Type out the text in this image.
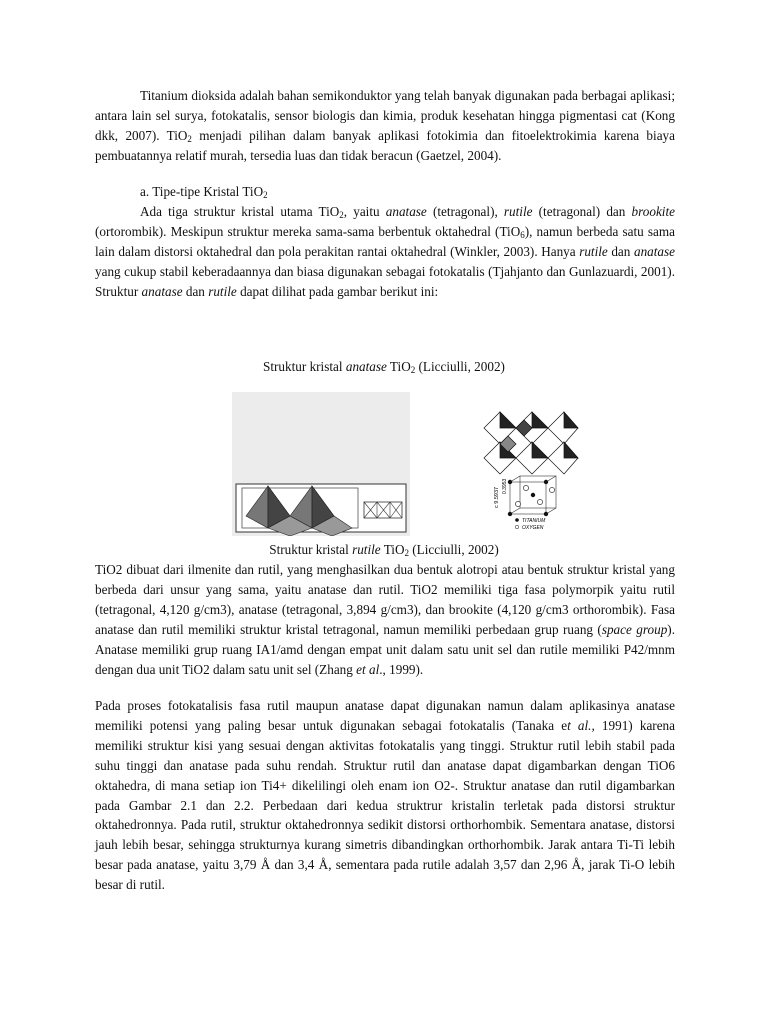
Titanium dioksida adalah bahan semikonduktor yang telah banyak digunakan pada berbagai aplikasi; antara lain sel surya, fotokatalis, sensor biologis dan kimia, produk kesehatan hingga pigmentasi cat (Kong dkk, 2007). TiO$_2$ menjadi pilihan dalam banyak aplikasi fotokimia dan fitoelektrokimia karena biaya pembuatannya relatif murah, tersedia luas dan tidak beracun (Gaetzel, 2004).

a. Tipe-tipe Kristal TiO$_2$

Ada tiga struktur kristal utama TiO$_2$, yaitu anatase (tetragonal), rutile (tetragonal) dan brookite (ortorombik). Meskipun struktur mereka sama-sama berbentuk oktahedral (TiO$_6$), namun berbeda satu sama lain dalam distorsi oktahedral dan pola perakitan rantai oktahedral (Winkler, 2003). Hanya rutile dan anatase yang cukup stabil keberadaannya dan biasa digunakan sebagai fotokatalis (Tjahjanto dan Gunlazuardi, 2001). Struktur anatase dan rutile dapat dilihat pada gambar berikut ini:

Struktur kristal anatase TiO$_2$ (Licciulli, 2002)

c 9.5937
0.3953
TITANIUM
OXYGEN

Struktur kristal rutile TiO$_2$ (Licciulli, 2002)

TiO2 dibuat dari ilmenite dan rutil, yang menghasilkan dua bentuk alotropi atau bentuk struktur kristal yang berbeda dari unsur yang sama, yaitu anatase dan rutil. TiO2 memiliki tiga fasa polymorpik yaitu rutil (tetragonal, 4,120 g/cm3), anatase (tetragonal, 3,894 g/cm3), dan brookite (4,120 g/cm3 orthorombik). Fasa anatase dan rutil memiliki struktur kristal tetragonal, namun memiliki perbedaan grup ruang (space group). Anatase memiliki grup ruang IA1/amd dengan empat unit dalam satu unit sel dan rutile memiliki P42/mnm dengan dua unit TiO2 dalam satu unit sel (Zhang et al., 1999).

Pada proses fotokatalisis fasa rutil maupun anatase dapat digunakan namun dalam aplikasinya anatase memiliki potensi yang paling besar untuk digunakan sebagai fotokatalis (Tanaka et al., 1991) karena memiliki struktur kisi yang sesuai dengan aktivitas fotokatalis yang tinggi. Struktur rutil lebih stabil pada suhu tinggi dan anatase pada suhu rendah. Struktur rutil dan anatase dapat digambarkan dengan TiO6 oktahedra, di mana setiap ion Ti4+ dikelilingi oleh enam ion O2-. Struktur anatase dan rutil digambarkan pada Gambar 2.1 dan 2.2. Perbedaan dari kedua struktrur kristalin terletak pada distorsi struktur oktahedronnya. Pada rutil, struktur oktahedronnya sedikit distorsi orthorhombik. Sementara anatase, distorsi jauh lebih besar, sehingga strukturnya kurang simetris dibandingkan orthorhombik. Jarak antara Ti-Ti lebih besar pada anatase, yaitu 3,79 Å dan 3,4 Å, sementara pada rutile adalah 3,57 dan 2,96 Å, jarak Ti-O lebih besar di rutil.
